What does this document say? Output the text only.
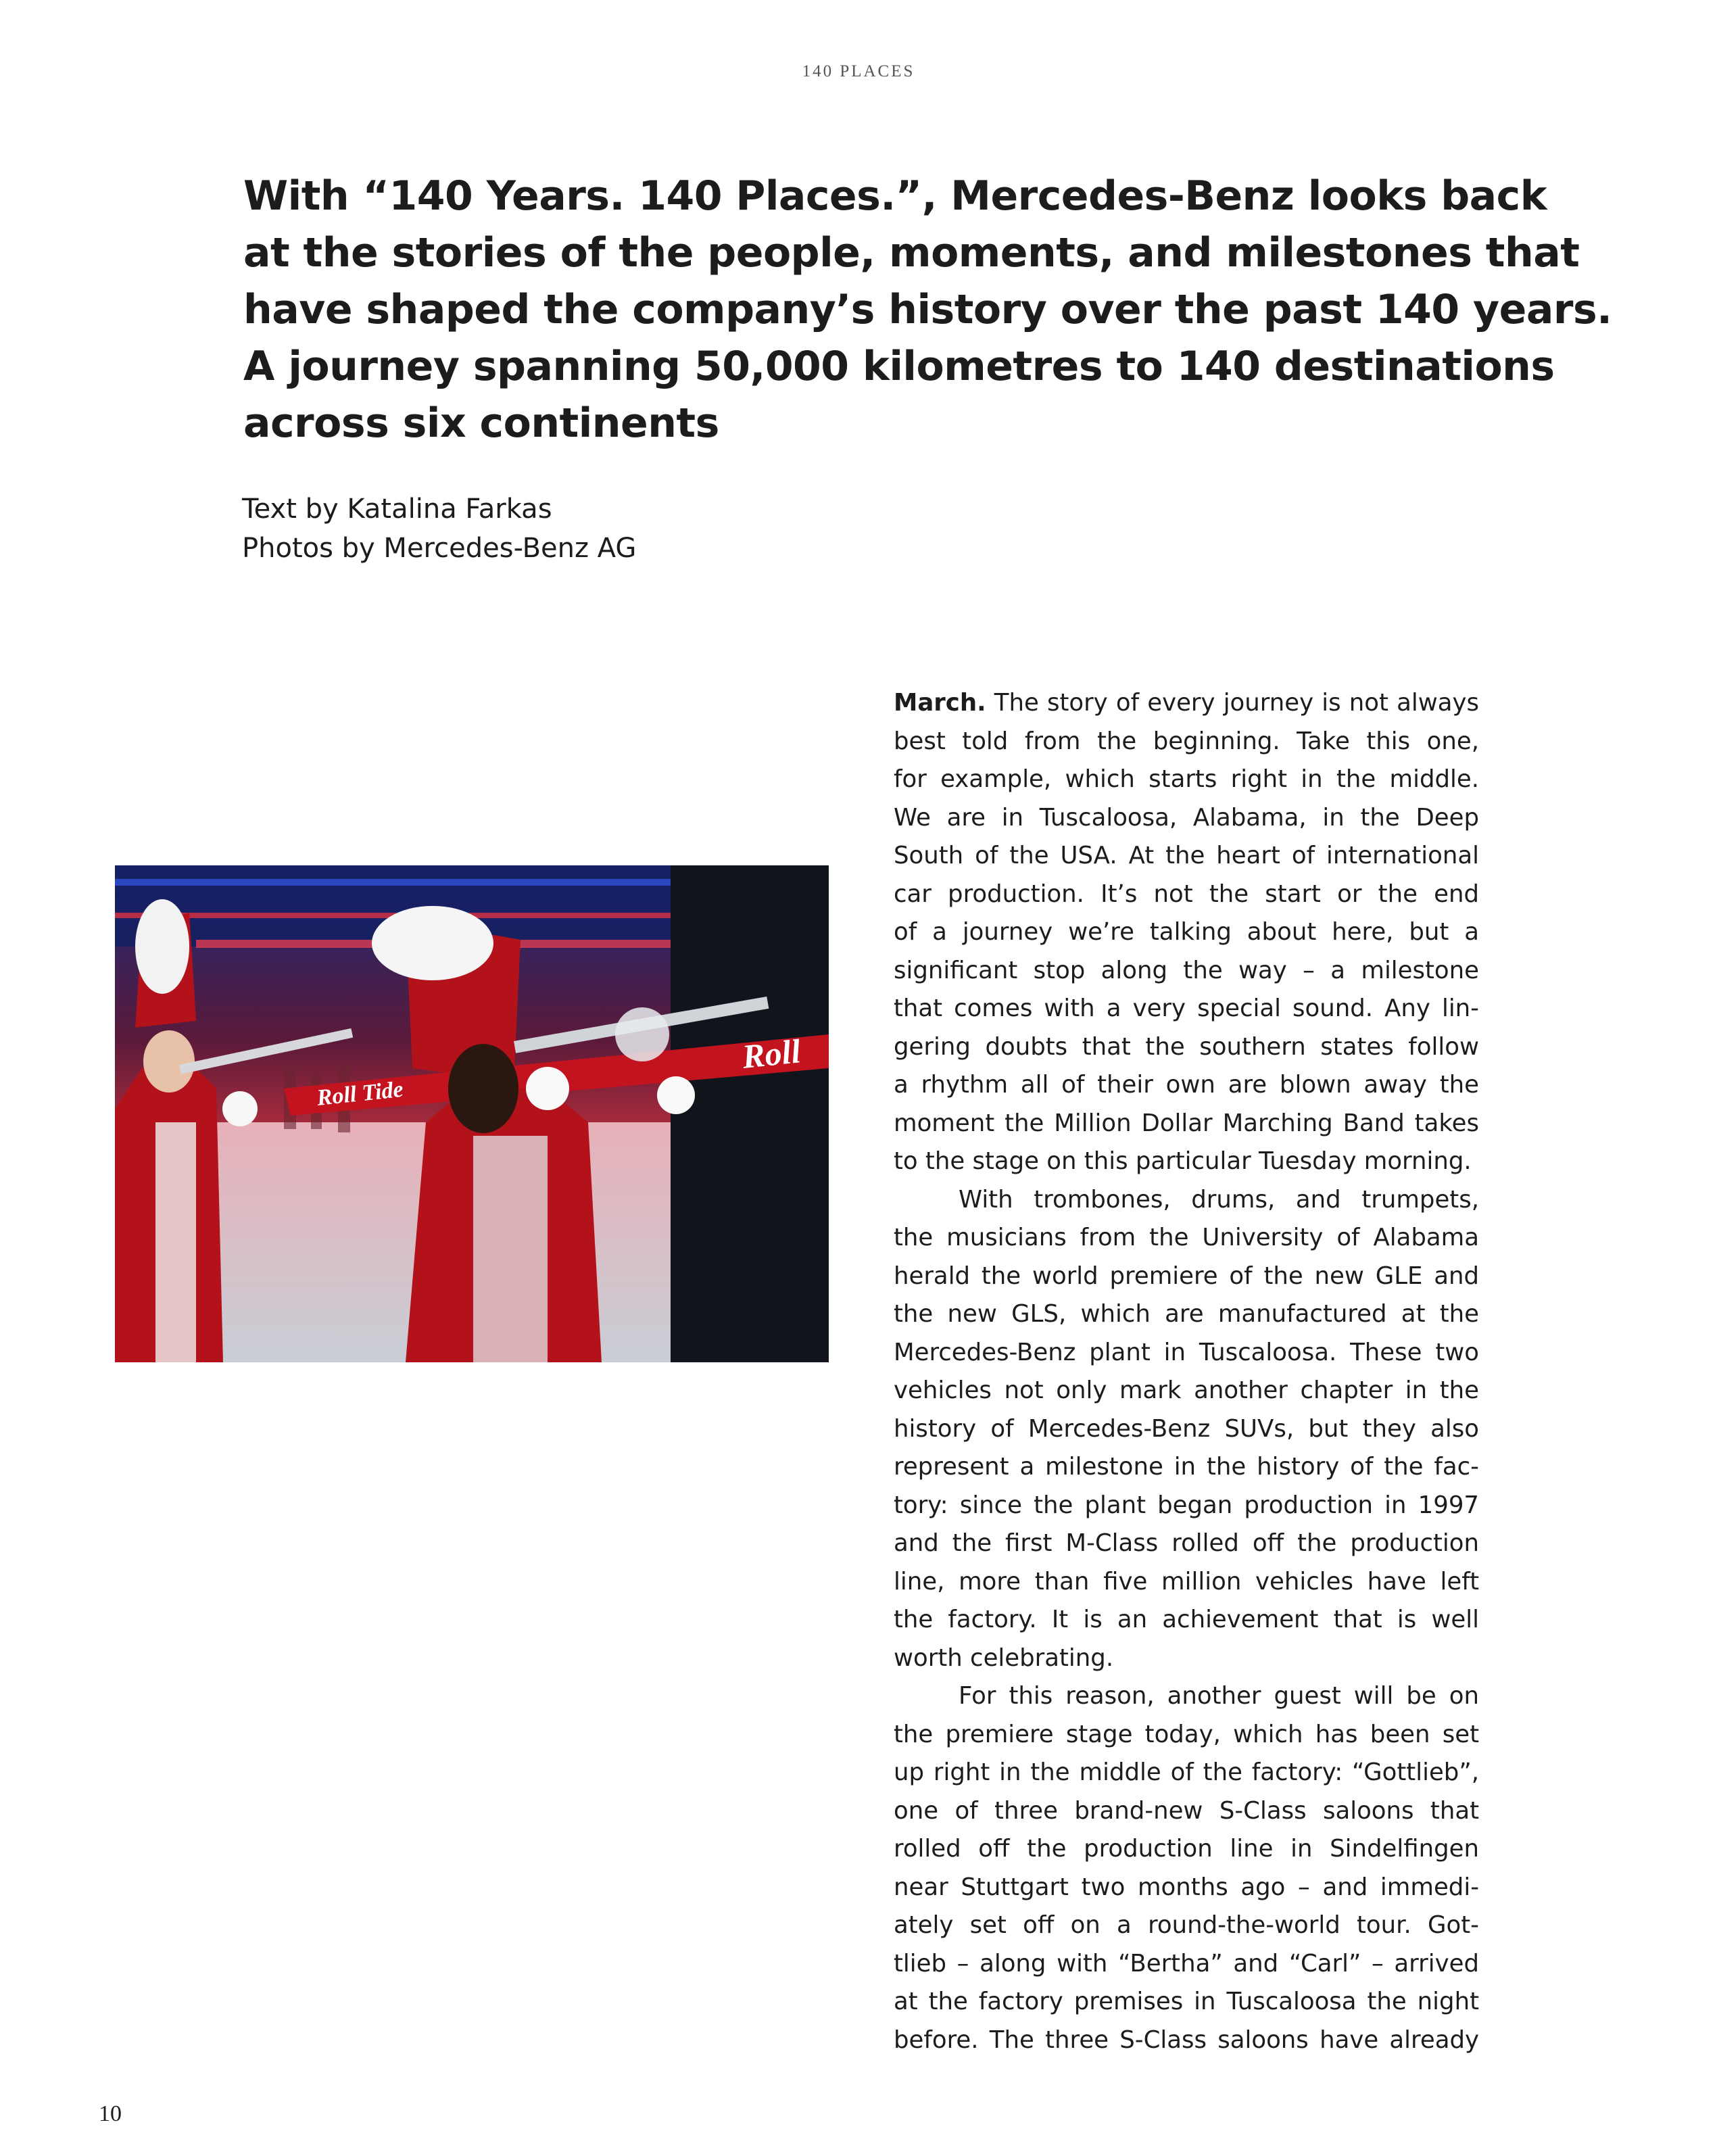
140 PLACES
With “140 Years. 140 Places.”, Mercedes-Benz looks back
at the stories of the people, moments, and milestones that
have shaped the company’s history over the past 140 years.
A journey spanning 50,000 kilometres to 140 destinations
across six continents
Text by Katalina Farkas
Photos by Mercedes-Benz AG
Roll Tide
Roll
March. The story of every journey is not always
best told from the beginning. Take this one,
for example, which starts right in the middle.
We are in Tuscaloosa, Alabama, in the Deep
South of the USA. At the heart of international
car production. It’s not the start or the end
of a journey we’re talking about here, but a
significant stop along the way – a milestone
that comes with a very special sound. Any lin-
gering doubts that the southern states follow
a rhythm all of their own are blown away the
moment the Million Dollar Marching Band takes
to the stage on this particular Tuesday morning.
With trombones, drums, and trumpets,
the musicians from the University of Alabama
herald the world premiere of the new GLE and
the new GLS, which are manufactured at the
Mercedes-Benz plant in Tuscaloosa. These two
vehicles not only mark another chapter in the
history of Mercedes-Benz SUVs, but they also
represent a milestone in the history of the fac-
tory: since the plant began production in 1997
and the first M-Class rolled off the production
line, more than five million vehicles have left
the factory. It is an achievement that is well
worth celebrating.
For this reason, another guest will be on
the premiere stage today, which has been set
up right in the middle of the factory: “Gottlieb”,
one of three brand-new S-Class saloons that
rolled off the production line in Sindelfingen
near Stuttgart two months ago – and immedi-
ately set off on a round-the-world tour. Got-
tlieb – along with “Bertha” and “Carl” – arrived
at the factory premises in Tuscaloosa the night
before. The three S-Class saloons have already
10
